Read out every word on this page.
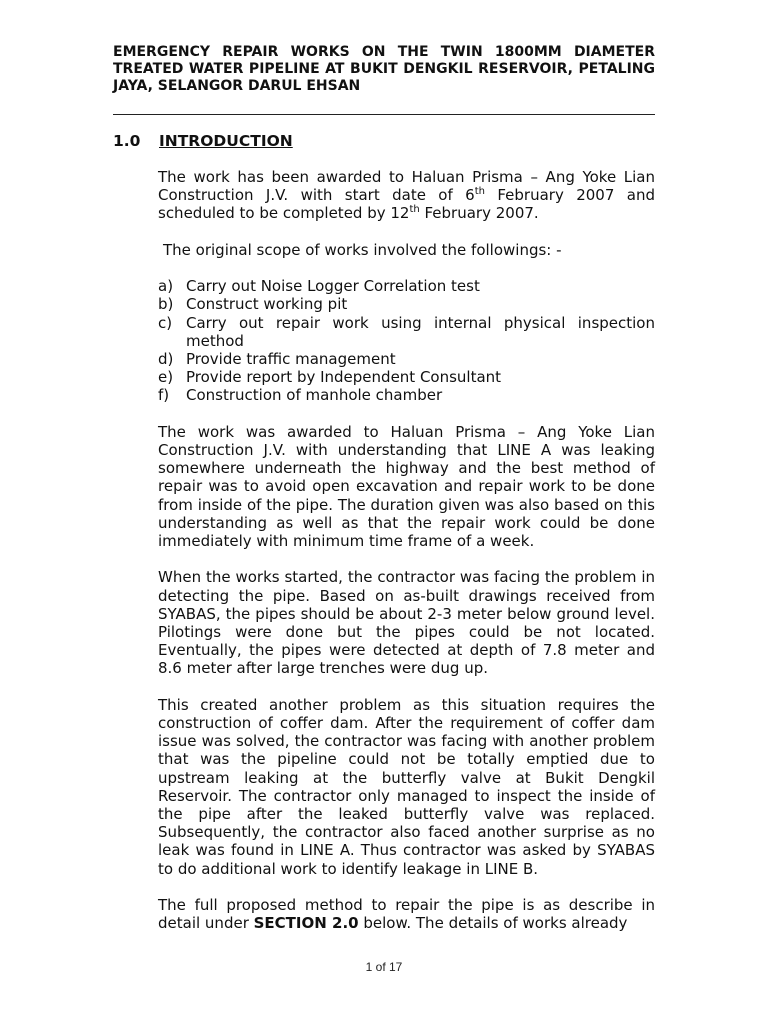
EMERGENCY REPAIR WORKS ON THE TWIN 1800MM DIAMETER TREATED WATER PIPELINE AT BUKIT DENGKIL RESERVOIR, PETALING JAYA, SELANGOR DARUL EHSAN

1.0 INTRODUCTION

The work has been awarded to Haluan Prisma – Ang Yoke Lian Construction J.V. with start date of 6th February 2007 and scheduled to be completed by 12th February 2007.

The original scope of works involved the followings: -

a) Carry out Noise Logger Correlation test
b) Construct working pit
c) Carry out repair work using internal physical inspection method
d) Provide traffic management
e) Provide report by Independent Consultant
f) Construction of manhole chamber

The work was awarded to Haluan Prisma – Ang Yoke Lian Construction J.V. with understanding that LINE A was leaking somewhere underneath the highway and the best method of repair was to avoid open excavation and repair work to be done from inside of the pipe. The duration given was also based on this understanding as well as that the repair work could be done immediately with minimum time frame of a week.

When the works started, the contractor was facing the problem in detecting the pipe. Based on as-built drawings received from SYABAS, the pipes should be about 2-3 meter below ground level. Pilotings were done but the pipes could be not located. Eventually, the pipes were detected at depth of 7.8 meter and 8.6 meter after large trenches were dug up.

This created another problem as this situation requires the construction of coffer dam. After the requirement of coffer dam issue was solved, the contractor was facing with another problem that was the pipeline could not be totally emptied due to upstream leaking at the butterfly valve at Bukit Dengkil Reservoir. The contractor only managed to inspect the inside of the pipe after the leaked butterfly valve was replaced. Subsequently, the contractor also faced another surprise as no leak was found in LINE A. Thus contractor was asked by SYABAS to do additional work to identify leakage in LINE B.

The full proposed method to repair the pipe is as describe in detail under SECTION 2.0 below. The details of works already

1 of 17
